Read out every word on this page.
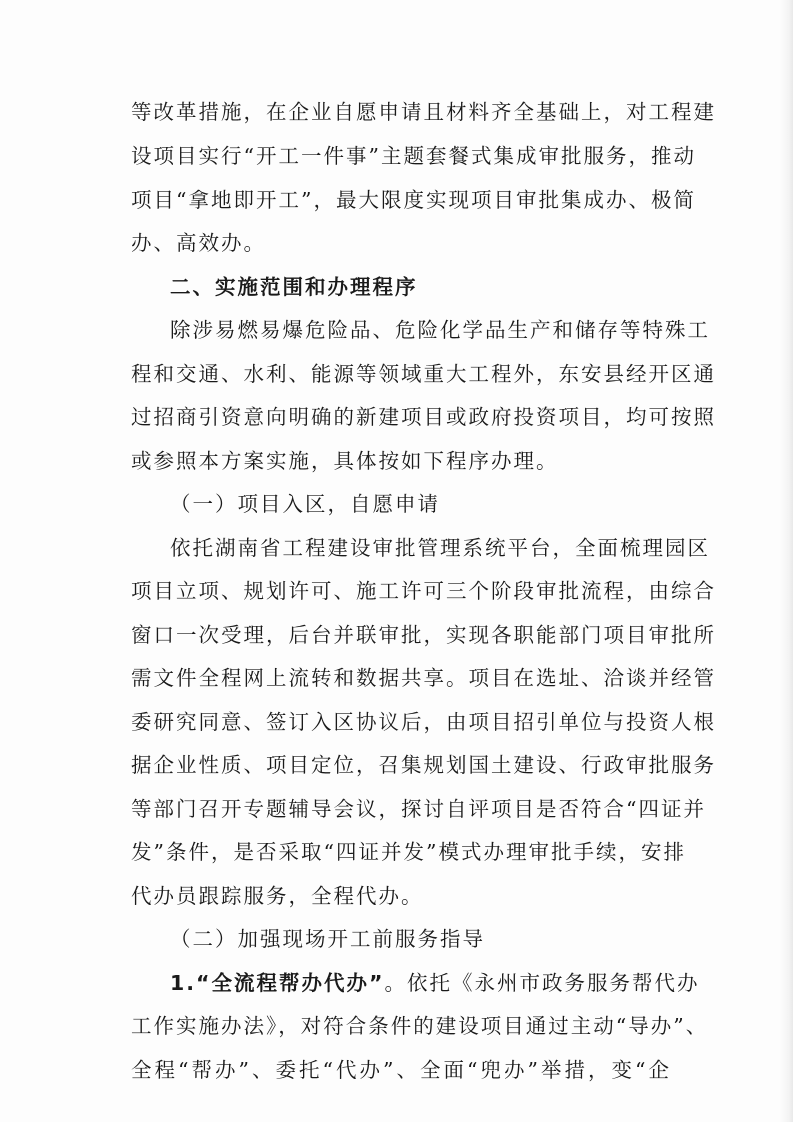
等改革措施，在企业自愿申请且材料齐全基础上，对工程建
设项目实行“开工一件事”主题套餐式集成审批服务，推动
项目“拿地即开工”，最大限度实现项目审批集成办、极简
办、高效办。
二、实施范围和办理程序
除涉易燃易爆危险品、危险化学品生产和储存等特殊工
程和交通、水利、能源等领域重大工程外，东安县经开区通
过招商引资意向明确的新建项目或政府投资项目，均可按照
或参照本方案实施，具体按如下程序办理。
（一）项目入区，自愿申请
依托湖南省工程建设审批管理系统平台，全面梳理园区
项目立项、规划许可、施工许可三个阶段审批流程，由综合
窗口一次受理，后台并联审批，实现各职能部门项目审批所
需文件全程网上流转和数据共享。项目在选址、洽谈并经管
委研究同意、签订入区协议后，由项目招引单位与投资人根
据企业性质、项目定位，召集规划国土建设、行政审批服务
等部门召开专题辅导会议，探讨自评项目是否符合“四证并
发”条件，是否采取“四证并发”模式办理审批手续，安排
代办员跟踪服务，全程代办。
（二）加强现场开工前服务指导
1.“全流程帮办代办” 。依托《永州市政务服务帮代办
工作实施办法》，对符合条件的建设项目通过主动“导办”、
全程“帮办”、委托“代办”、全面“兜办”举措，变“企
